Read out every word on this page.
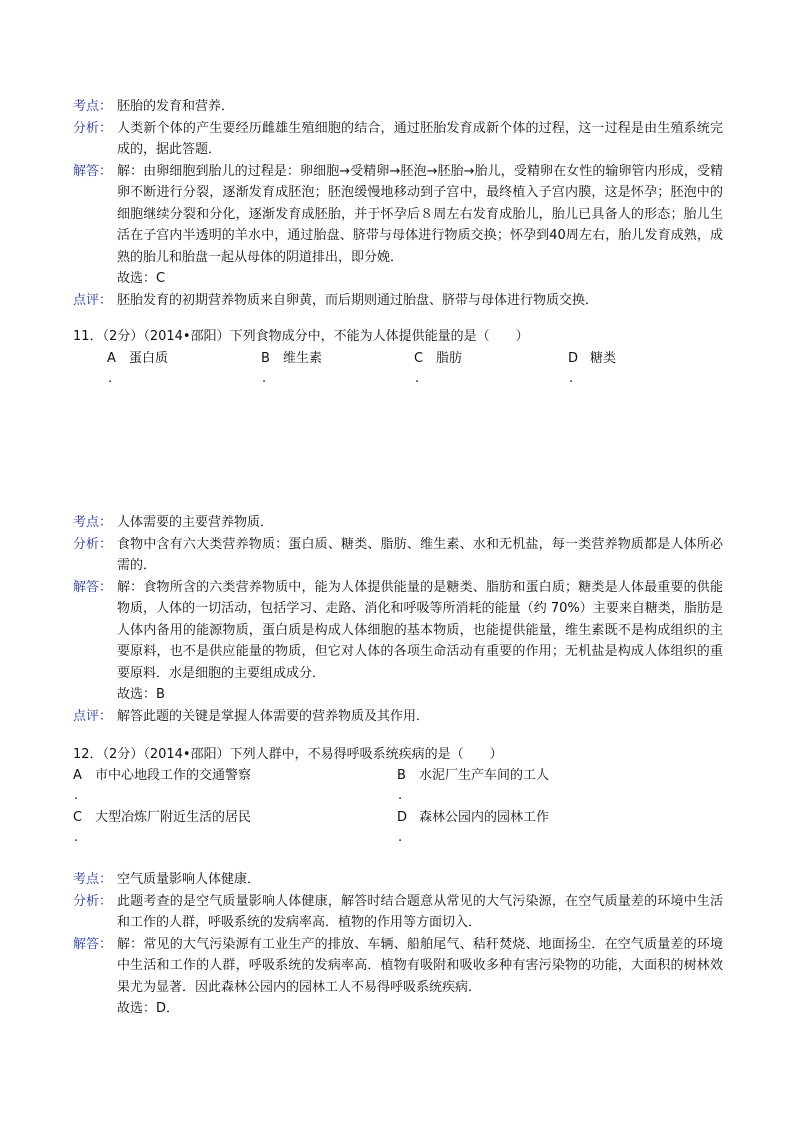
考点： 胚胎的发育和营养．
分析： 人类新个体的产生要经历雌雄生殖细胞的结合，通过胚胎发育成新个体的过程，这一过程是由生殖系统完成的，据此答题．
解答： 解：由卵细胞到胎儿的过程是：卵细胞→受精卵→胚泡→胚胎→胎儿，受精卵在女性的输卵管内形成，受精卵不断进行分裂，逐渐发育成胚泡；胚泡缓慢地移动到子宫中，最终植入子宫内膜，这是怀孕；胚泡中的细胞继续分裂和分化，逐渐发育成胚胎，并于怀孕后８周左右发育成胎儿，胎儿已具备人的形态；胎儿生活在子宫内半透明的羊水中，通过胎盘、脐带与母体进行物质交换；怀孕到40周左右，胎儿发育成熟，成熟的胎儿和胎盘一起从母体的阴道排出，即分娩．
故选：C
点评： 胚胎发育的初期营养物质来自卵黄，而后期则通过胎盘、脐带与母体进行物质交换．
11．（2分）（2014•邵阳）下列食物成分中，不能为人体提供能量的是（　　）
A 蛋白质
.
B 维生素
.
C 脂肪
.
D 糖类
.
考点： 人体需要的主要营养物质．
分析： 食物中含有六大类营养物质：蛋白质、糖类、脂肪、维生素、水和无机盐，每一类营养物质都是人体所必需的．
解答： 解：食物所含的六类营养物质中，能为人体提供能量的是糖类、脂肪和蛋白质；糖类是人体最重要的供能物质，人体的一切活动，包括学习、走路、消化和呼吸等所消耗的能量（约 70%）主要来自糖类，脂肪是人体内备用的能源物质，蛋白质是构成人体细胞的基本物质，也能提供能量，维生素既不是构成组织的主要原料，也不是供应能量的物质，但它对人体的各项生命活动有重要的作用；无机盐是构成人体组织的重要原料．水是细胞的主要组成成分．
故选：B
点评： 解答此题的关键是掌握人体需要的营养物质及其作用．
12．（2分）（2014•邵阳）下列人群中，不易得呼吸系统疾病的是（　　）
A 市中心地段工作的交通警察
.
B 水泥厂生产车间的工人
.
C 大型冶炼厂附近生活的居民
.
D 森林公园内的园林工作
.
考点： 空气质量影响人体健康．
分析： 此题考查的是空气质量影响人体健康，解答时结合题意从常见的大气污染源，在空气质量差的环境中生活和工作的人群，呼吸系统的发病率高．植物的作用等方面切入．
解答： 解：常见的大气污染源有工业生产的排放、车辆、船舶尾气、秸秆焚烧、地面扬尘．在空气质量差的环境中生活和工作的人群，呼吸系统的发病率高．植物有吸附和吸收多种有害污染物的功能，大面积的树林效果尤为显著．因此森林公园内的园林工人不易得呼吸系统疾病．
故选：D．
